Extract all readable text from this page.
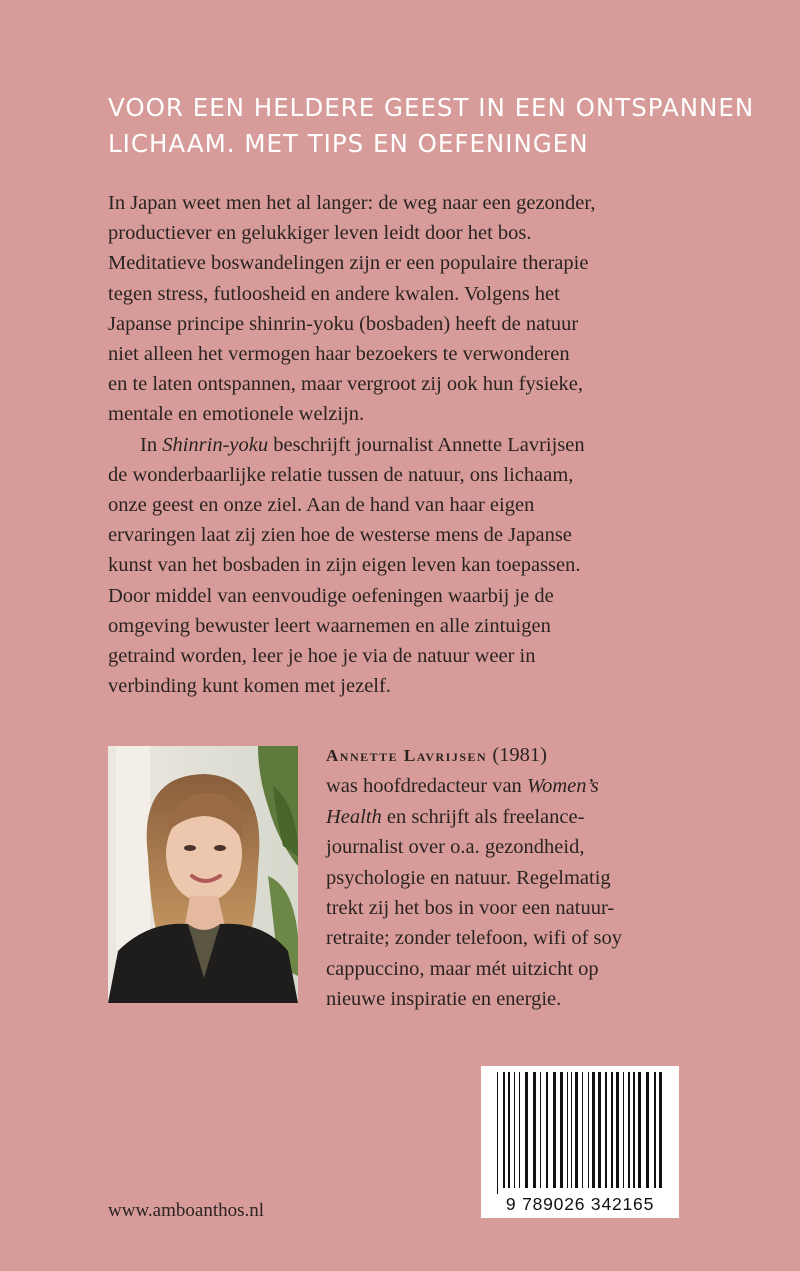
VOOR EEN HELDERE GEEST IN EEN ONTSPANNEN
LICHAAM. MET TIPS EN OEFENINGEN
In Japan weet men het al langer: de weg naar een gezonder,
productiever en gelukkiger leven leidt door het bos.
Meditatieve boswandelingen zijn er een populaire therapie
tegen stress, futloosheid en andere kwalen. Volgens het
Japanse principe shinrin-yoku (bosbaden) heeft de natuur
niet alleen het vermogen haar bezoekers te verwonderen
en te laten ontspannen, maar vergroot zij ook hun fysieke,
mentale en emotionele welzijn.
In Shinrin-yoku beschrijft journalist Annette Lavrijsen
de wonderbaarlijke relatie tussen de natuur, ons lichaam,
onze geest en onze ziel. Aan de hand van haar eigen
ervaringen laat zij zien hoe de westerse mens de Japanse
kunst van het bosbaden in zijn eigen leven kan toepassen.
Door middel van eenvoudige oefeningen waarbij je de
omgeving bewuster leert waarnemen en alle zintuigen
getraind worden, leer je hoe je via de natuur weer in
verbinding kunt komen met jezelf.
Annette Lavrijsen (1981)
was hoofdredacteur van Women’s
Health en schrijft als freelance-
journalist over o.a. gezondheid,
psychologie en natuur. Regelmatig
trekt zij het bos in voor een natuur-
retraite; zonder telefoon, wifi of soy
cappuccino, maar mét uitzicht op
nieuwe inspiratie en energie.
www.amboanthos.nl	9 789026 342165
